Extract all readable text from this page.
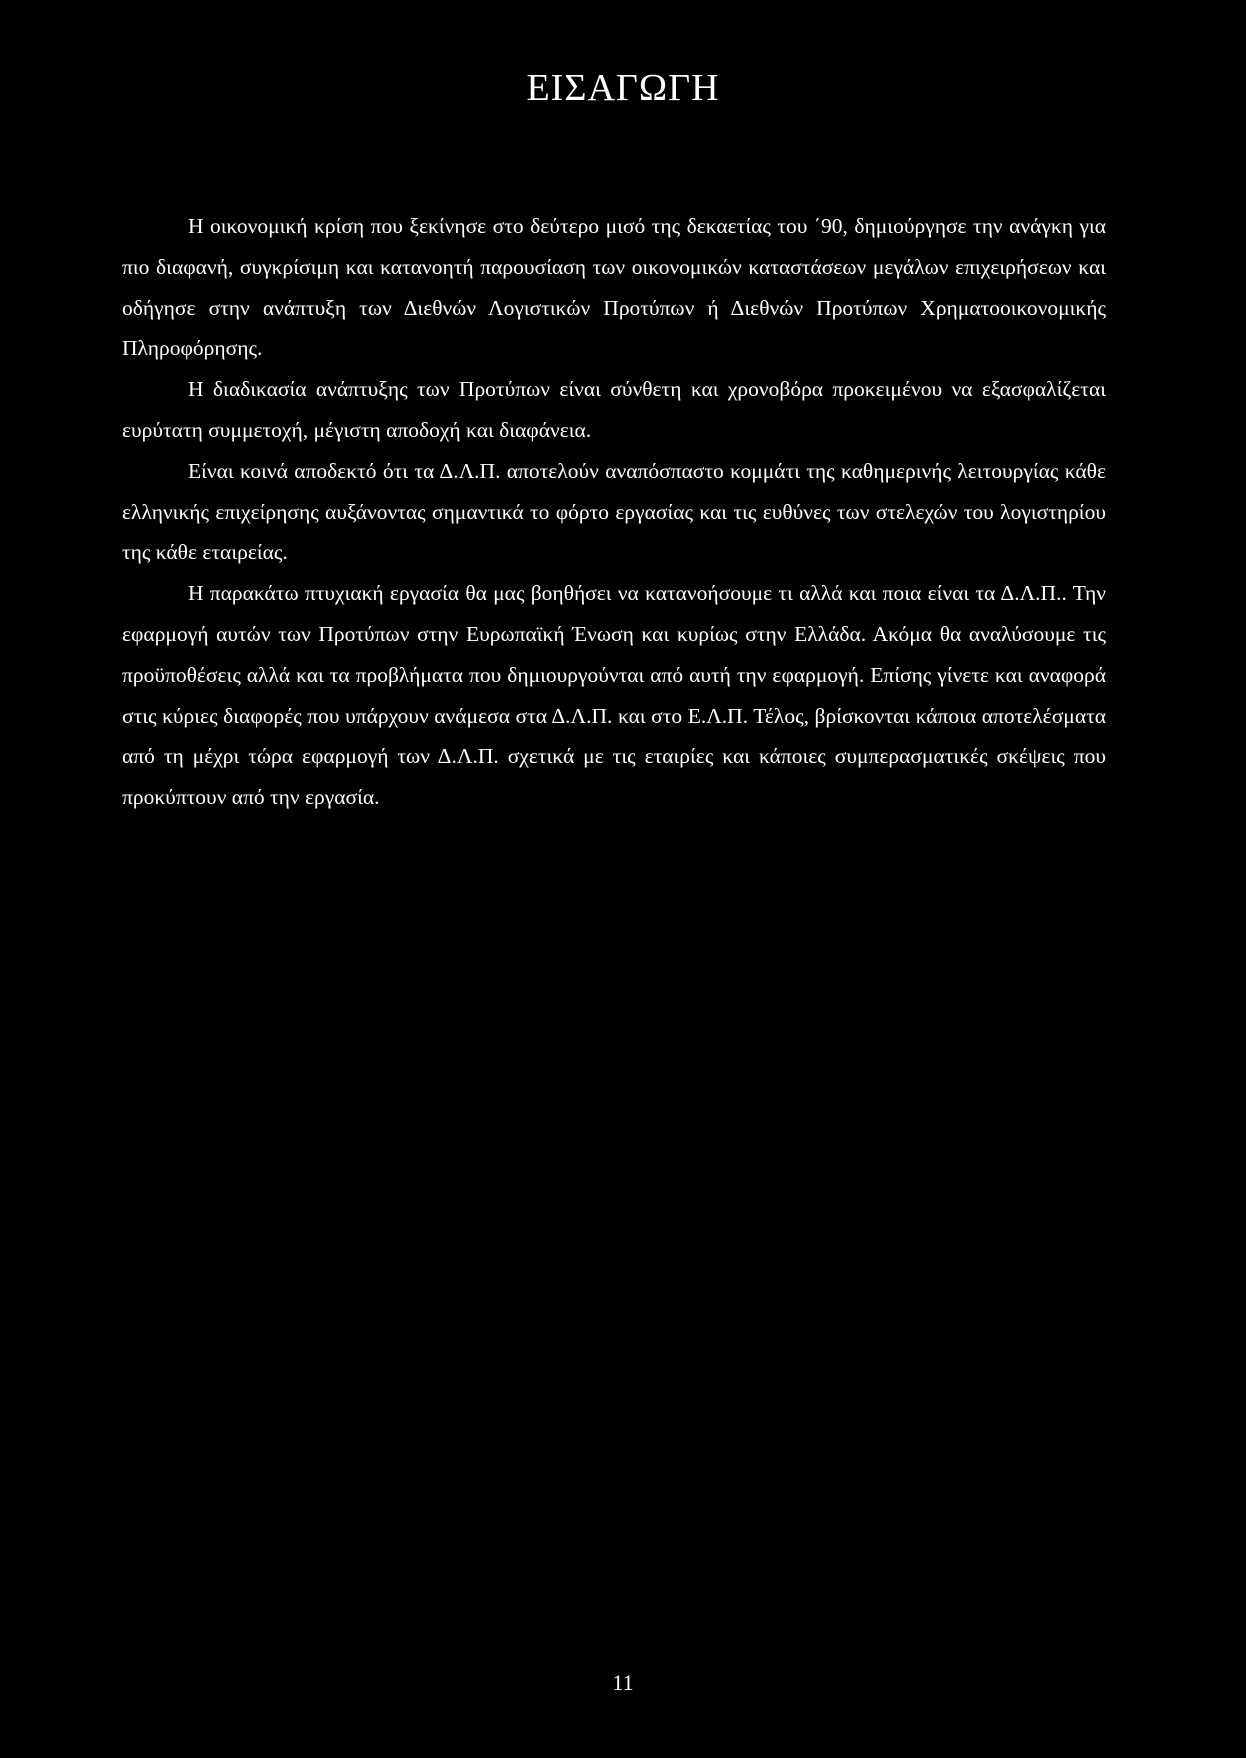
ΕΙΣΑΓΩΓΗ

Η οικονομική κρίση που ξεκίνησε στο δεύτερο μισό της δεκαετίας του ΄90, δημιούργησε την ανάγκη για πιο διαφανή, συγκρίσιμη και κατανοητή παρουσίαση των οικονομικών καταστάσεων μεγάλων επιχειρήσεων και οδήγησε στην ανάπτυξη των Διεθνών Λογιστικών Προτύπων ή Διεθνών Προτύπων Χρηματοοικονομικής Πληροφόρησης.

Η διαδικασία ανάπτυξης των Προτύπων είναι σύνθετη και χρονοβόρα προκειμένου να εξασφαλίζεται ευρύτατη συμμετοχή, μέγιστη αποδοχή και διαφάνεια.

Είναι κοινά αποδεκτό ότι τα Δ.Λ.Π. αποτελούν αναπόσπαστο κομμάτι της καθημερινής λειτουργίας κάθε ελληνικής επιχείρησης αυξάνοντας σημαντικά το φόρτο εργασίας και τις ευθύνες των στελεχών του λογιστηρίου της κάθε εταιρείας.

Η παρακάτω πτυχιακή εργασία θα μας βοηθήσει να κατανοήσουμε τι αλλά και ποια είναι τα Δ.Λ.Π.. Την εφαρμογή αυτών των Προτύπων στην Ευρωπαϊκή Ένωση και κυρίως στην Ελλάδα. Ακόμα θα αναλύσουμε τις προϋποθέσεις αλλά και τα προβλήματα που δημιουργούνται από αυτή την εφαρμογή. Επίσης γίνετε και αναφορά στις κύριες διαφορές που υπάρχουν ανάμεσα στα Δ.Λ.Π. και στο Ε.Λ.Π. Τέλος, βρίσκονται κάποια αποτελέσματα από τη μέχρι τώρα εφαρμογή των Δ.Λ.Π. σχετικά με τις εταιρίες και κάποιες συμπερασματικές σκέψεις που προκύπτουν από την εργασία.

11
